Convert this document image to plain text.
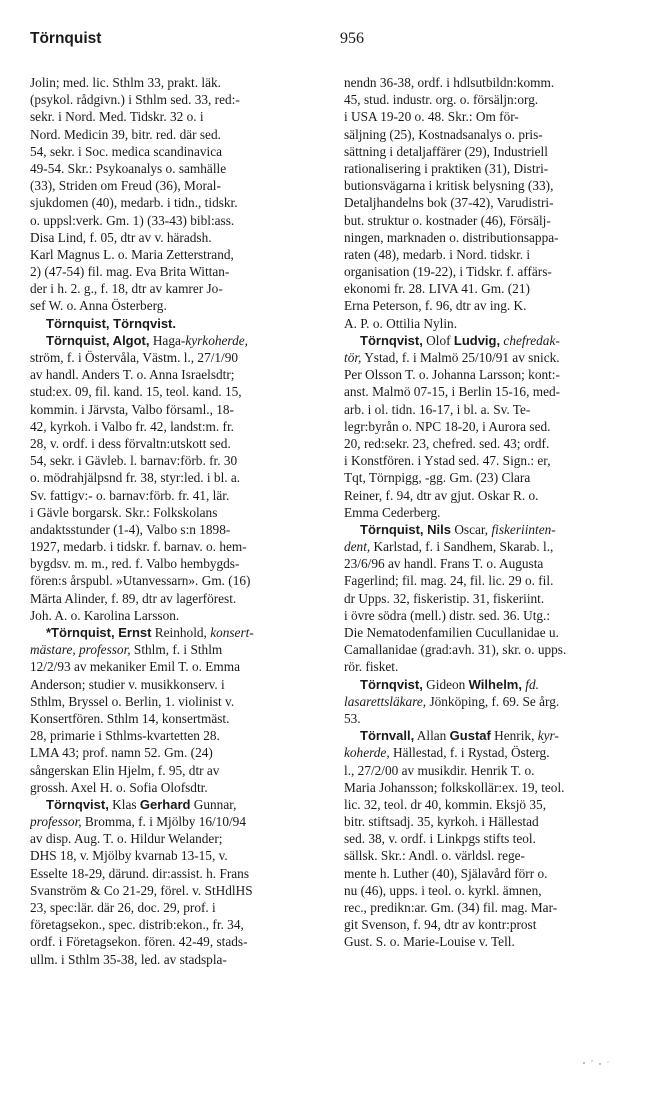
Törnquist	956
Jolin; med. lic. Sthlm 33, prakt. läk.
(psykol. rådgivn.) i Sthlm sed. 33, red:-
sekr. i Nord. Med. Tidskr. 32 o. i
Nord. Medicin 39, bitr. red. där sed.
54, sekr. i Soc. medica scandinavica
49-54. Skr.: Psykoanalys o. samhälle
(33), Striden om Freud (36), Moral-
sjukdomen (40), medarb. i tidn., tidskr.
o. uppsl:verk. Gm. 1) (33-43) bibl:ass.
Disa Lind, f. 05, dtr av v. häradsh.
Karl Magnus L. o. Maria Zetterstrand,
2) (47-54) fil. mag. Eva Brita Wittan-
der i h. 2. g., f. 18, dtr av kamrer Jo-
sef W. o. Anna Österberg.
Törnquist, Törnqvist.
Törnquist, Algot, Haga-kyrkoherde,
ström, f. i Östervåla, Västm. l., 27/1/90
av handl. Anders T. o. Anna Israelsdtr;
stud:ex. 09, fil. kand. 15, teol. kand. 15,
kommin. i Järvsta, Valbo församl., 18-
42, kyrkoh. i Valbo fr. 42, landst:m. fr.
28, v. ordf. i dess förvaltn:utskott sed.
54, sekr. i Gävleb. l. barnav:förb. fr. 30
o. mödrahjälpsnd fr. 38, styr:led. i bl. a.
Sv. fattigv:- o. barnav:förb. fr. 41, lär.
i Gävle borgarsk. Skr.: Folkskolans
andaktsstunder (1-4), Valbo s:n 1898-
1927, medarb. i tidskr. f. barnav. o. hem-
bygdsv. m. m., red. f. Valbo hembygds-
fören:s årspubl. »Utanvessarn». Gm. (16)
Märta Alinder, f. 89, dtr av lagerförest.
Joh. A. o. Karolina Larsson.
*Törnquist, Ernst Reinhold, konsert-
mästare, professor, Sthlm, f. i Sthlm
12/2/93 av mekaniker Emil T. o. Emma
Anderson; studier v. musikkonserv. i
Sthlm, Bryssel o. Berlin, 1. violinist v.
Konsertfören. Sthlm 14, konsertmäst.
28, primarie i Sthlms-kvartetten 28.
LMA 43; prof. namn 52. Gm. (24)
sångerskan Elin Hjelm, f. 95, dtr av
grossh. Axel H. o. Sofia Olofsdtr.
Törnqvist, Klas Gerhard Gunnar,
professor, Bromma, f. i Mjölby 16/10/94
av disp. Aug. T. o. Hildur Welander;
DHS 18, v. Mjölby kvarnab 13-15, v.
Esselte 18-29, därund. dir:assist. h. Frans
Svanström & Co 21-29, förel. v. StHdlHS
23, spec:lär. där 26, doc. 29, prof. i
företagsekon., spec. distrib:ekon., fr. 34,
ordf. i Företagsekon. fören. 42-49, stads-
ullm. i Sthlm 35-38, led. av stadspla-
nendn 36-38, ordf. i hdlsutbildn:komm.
45, stud. industr. org. o. försäljn:org.
i USA 19-20 o. 48. Skr.: Om för-
säljning (25), Kostnadsanalys o. pris-
sättning i detaljaffärer (29), Industriell
rationalisering i praktiken (31), Distri-
butionsvägarna i kritisk belysning (33),
Detaljhandelns bok (37-42), Varudistri-
but. struktur o. kostnader (46), Försälj-
ningen, marknaden o. distributionsappa-
raten (48), medarb. i Nord. tidskr. i
organisation (19-22), i Tidskr. f. affärs-
ekonomi fr. 28. LIVA 41. Gm. (21)
Erna Peterson, f. 96, dtr av ing. K.
A. P. o. Ottilia Nylin.
Törnqvist, Olof Ludvig, chefredak-
tör, Ystad, f. i Malmö 25/10/91 av snick.
Per Olsson T. o. Johanna Larsson; kont:-
anst. Malmö 07-15, i Berlin 15-16, med-
arb. i ol. tidn. 16-17, i bl. a. Sv. Te-
legr:byrån o. NPC 18-20, i Aurora sed.
20, red:sekr. 23, chefred. sed. 43; ordf.
i Konstfören. i Ystad sed. 47. Sign.: er,
Tqt, Törnpigg, -gg. Gm. (23) Clara
Reiner, f. 94, dtr av gjut. Oskar R. o.
Emma Cederberg.
Törnquist, Nils Oscar, fiskeriinten-
dent, Karlstad, f. i Sandhem, Skarab. l.,
23/6/96 av handl. Frans T. o. Augusta
Fagerlind; fil. mag. 24, fil. lic. 29 o. fil.
dr Upps. 32, fiskeristip. 31, fiskeriint.
i övre södra (mell.) distr. sed. 36. Utg.:
Die Nematodenfamilien Cucullanidae u.
Camallanidae (grad:avh. 31), skr. o. upps.
rör. fisket.
Törnqvist, Gideon Wilhelm, fd.
lasarettsläkare, Jönköping, f. 69. Se årg.
53.
Törnvall, Allan Gustaf Henrik, kyr-
koherde, Hällestad, f. i Rystad, Österg.
l., 27/2/00 av musikdir. Henrik T. o.
Maria Johansson; folkskollär:ex. 19, teol.
lic. 32, teol. dr 40, kommin. Eksjö 35,
bitr. stiftsadj. 35, kyrkoh. i Hällestad
sed. 38, v. ordf. i Linkpgs stifts teol.
sällsk. Skr.: Andl. o. världsl. rege-
mente h. Luther (40), Själavård förr o.
nu (46), upps. i teol. o. kyrkl. ämnen,
rec., predikn:ar. Gm. (34) fil. mag. Mar-
git Svenson, f. 94, dtr av kontr:prost
Gust. S. o. Marie-Louise v. Tell.
